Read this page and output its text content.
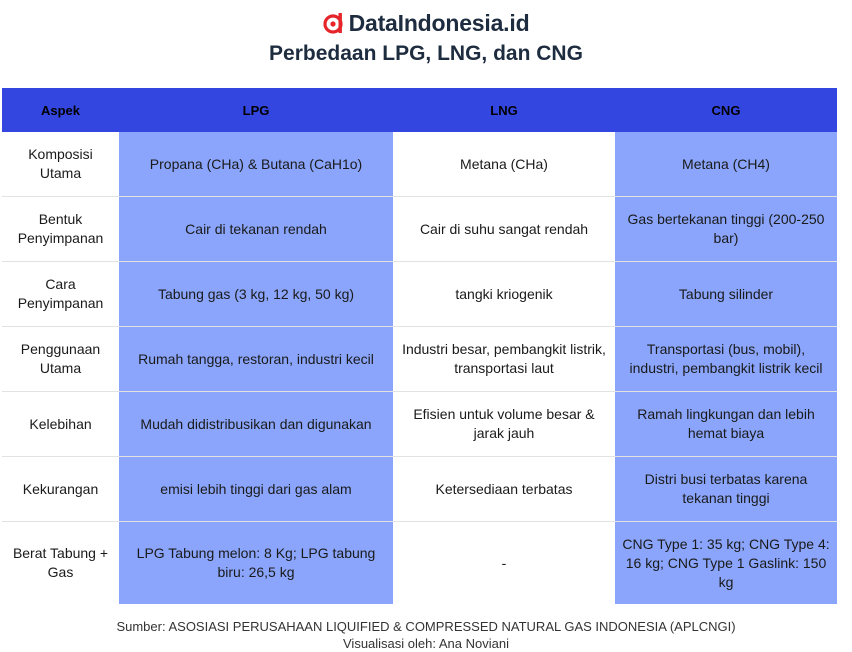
DataIndonesia.id
Perbedaan LPG, LNG, dan CNG
Aspek	LPG	LNG	CNG
Komposisi Utama	Propana (CHa) & Butana (CaH1o)	Metana (CHa)	Metana (CH4)
Bentuk Penyimpanan	Cair di tekanan rendah	Cair di suhu sangat rendah	Gas bertekanan tinggi (200-250 bar)
Cara Penyimpanan	Tabung gas (3 kg, 12 kg, 50 kg)	tangki kriogenik	Tabung silinder
Penggunaan Utama	Rumah tangga, restoran, industri kecil	Industri besar, pembangkit listrik, transportasi laut	Transportasi (bus, mobil), industri, pembangkit listrik kecil
Kelebihan	Mudah didistribusikan dan digunakan	Efisien untuk volume besar & jarak jauh	Ramah lingkungan dan lebih hemat biaya
Kekurangan	emisi lebih tinggi dari gas alam	Ketersediaan terbatas	Distri busi terbatas karena tekanan tinggi
Berat Tabung + Gas	LPG Tabung melon: 8 Kg; LPG tabung biru: 26,5 kg	-	CNG Type 1: 35 kg; CNG Type 4: 16 kg; CNG Type 1 Gaslink: 150 kg
Sumber: ASOSIASI PERUSAHAAN LIQUIFIED & COMPRESSED NATURAL GAS INDONESIA (APLCNGI)
Visualisasi oleh: Ana Noviani
